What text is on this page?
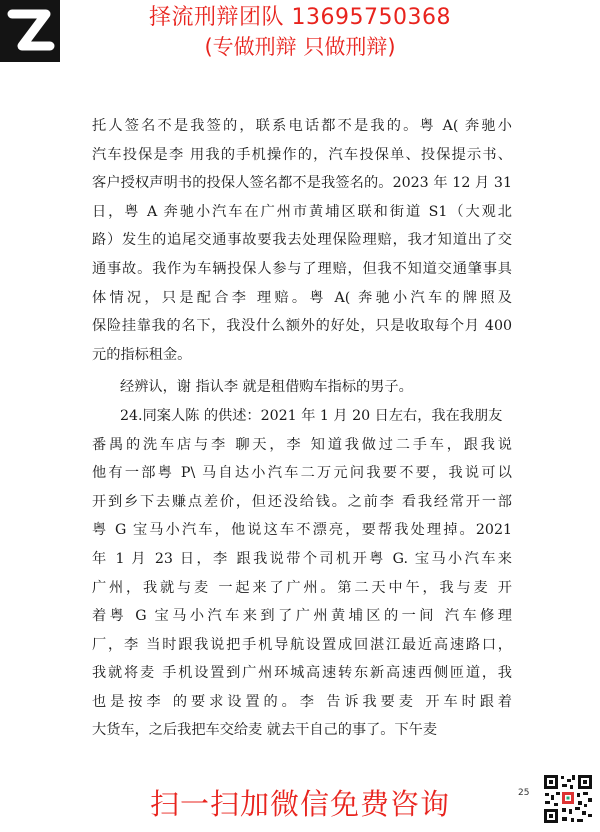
择流刑辩团队 13695750368
(专做刑辩 只做刑辩)
托人签名不是我签的，联系电话都不是我的。粤 A( 奔驰小
汽车投保是李 用我的手机操作的，汽车投保单、投保提示书、
客户授权声明书的投保人签名都不是我签名的。2023 年 12 月 31
日，粤 A 奔驰小汽车在广州市黄埔区联和街道 S1（大观北
路）发生的追尾交通事故要我去处理保险理赔，我才知道出了交
通事故。我作为车辆投保人参与了理赔，但我不知道交通肇事具
体情况，只是配合李 理赔。粤 A( 奔驰小汽车的牌照及
保险挂靠我的名下，我没什么额外的好处，只是收取每个月 400
元的指标租金。
经辨认，谢 指认李 就是租借购车指标的男子。
24.同案人陈 的供述：2021 年 1 月 20 日左右，我在我朋友
番禺的洗车店与李 聊天，李 知道我做过二手车，跟我说
他有一部粤 P\ 马自达小汽车二万元问我要不要，我说可以
开到乡下去赚点差价，但还没给钱。之前李 看我经常开一部
粤 G 宝马小汽车，他说这车不漂亮，要帮我处理掉。2021
年 1 月 23 日，李 跟我说带个司机开粤 G. 宝马小汽车来
广州，我就与麦 一起来了广州。第二天中午，我与麦 开
着粤 G 宝马小汽车来到了广州黄埔区的一间 汽车修理
厂，李 当时跟我说把手机导航设置成回湛江最近高速路口，
我就将麦 手机设置到广州环城高速转东新高速西侧匝道，我
也是按李 的要求设置的。李 告诉我要麦 开车时跟着
大货车，之后我把车交给麦 就去干自己的事了。下午麦
25
扫一扫加微信免费咨询
